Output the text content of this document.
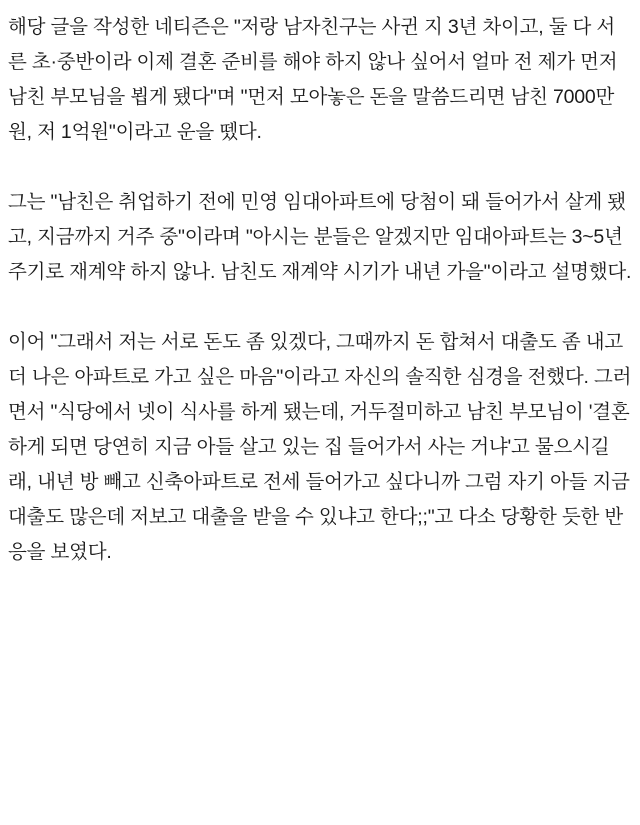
해당 글을 작성한 네티즌은 "저랑 남자친구는 사귄 지 3년 차이고, 둘 다 서른 초·중반이라 이제 결혼 준비를 해야 하지 않나 싶어서 얼마 전 제가 먼저 남친 부모님을 뵙게 됐다"며 "먼저 모아놓은 돈을 말씀드리면 남친 7000만원, 저 1억원"이라고 운을 뗐다.

그는 "남친은 취업하기 전에 민영 임대아파트에 당첨이 돼 들어가서 살게 됐고, 지금까지 거주 중"이라며 "아시는 분들은 알겠지만 임대아파트는 3~5년 주기로 재계약 하지 않나. 남친도 재계약 시기가 내년 가을"이라고 설명했다.

이어 "그래서 저는 서로 돈도 좀 있겠다, 그때까지 돈 합쳐서 대출도 좀 내고 더 나은 아파트로 가고 싶은 마음"이라고 자신의 솔직한 심경을 전했다. 그러면서 "식당에서 넷이 식사를 하게 됐는데, 거두절미하고 남친 부모님이 '결혼하게 되면 당연히 지금 아들 살고 있는 집 들어가서 사는 거냐'고 물으시길래, 내년 방 빼고 신축아파트로 전세 들어가고 싶다니까 그럼 자기 아들 지금 대출도 많은데 저보고 대출을 받을 수 있냐고 한다;;"고 다소 당황한 듯한 반응을 보였다.
